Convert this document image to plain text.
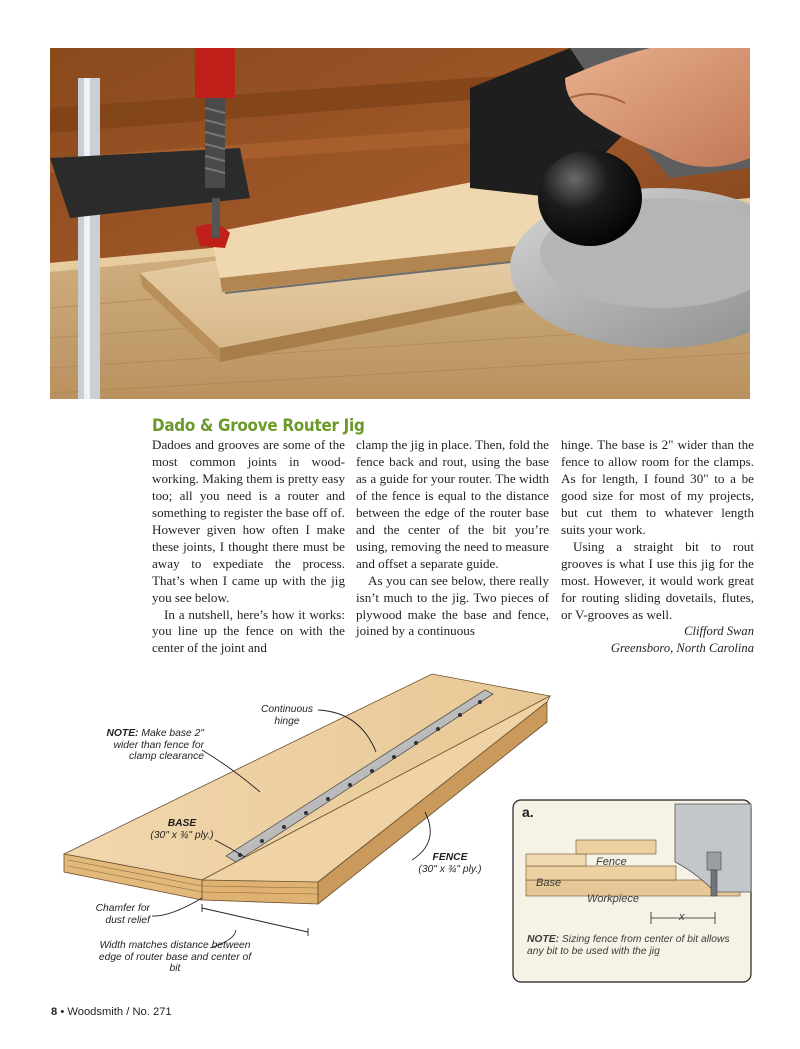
Dado & Groove Router Jig

Dadoes and grooves are some of the most common joints in wood-working. Making them is pretty easy too; all you need is a router and something to register the base off of. However given how often I make these joints, I thought there must be away to expediate the process. That’s when I came up with the jig you see below.

In a nutshell, here’s how it works: you line up the fence on with the center of the joint and

clamp the jig in place. Then, fold the fence back and rout, using the base as a guide for your router. The width of the fence is equal to the distance between the edge of the router base and the center of the bit you’re using, removing the need to measure and offset a separate guide.

As you can see below, there really isn’t much to the jig. Two pieces of plywood make the base and fence, joined by a continuous

hinge. The base is 2" wider than the fence to allow room for the clamps. As for length, I found 30" to a be good size for most of my projects, but cut them to whatever length suits your work.

Using a straight bit to rout grooves is what I use this jig for the most. However, it would work great for routing sliding dovetails, flutes, or V-grooves as well.

Clifford Swan

Greensboro, North Carolina

Continuous hinge
NOTE: Make base 2" wider than fence for clamp clearance
BASE
(30" x ¾" ply.)
FENCE
(30" x ¾" ply.)
Chamfer for dust relief
Width matches distance between edge of router base and center of bit
a.
Fence
Base
Workpiece
x
NOTE: Sizing fence from center of bit allows any bit to be used with the jig
8 • Woodsmith / No. 271
